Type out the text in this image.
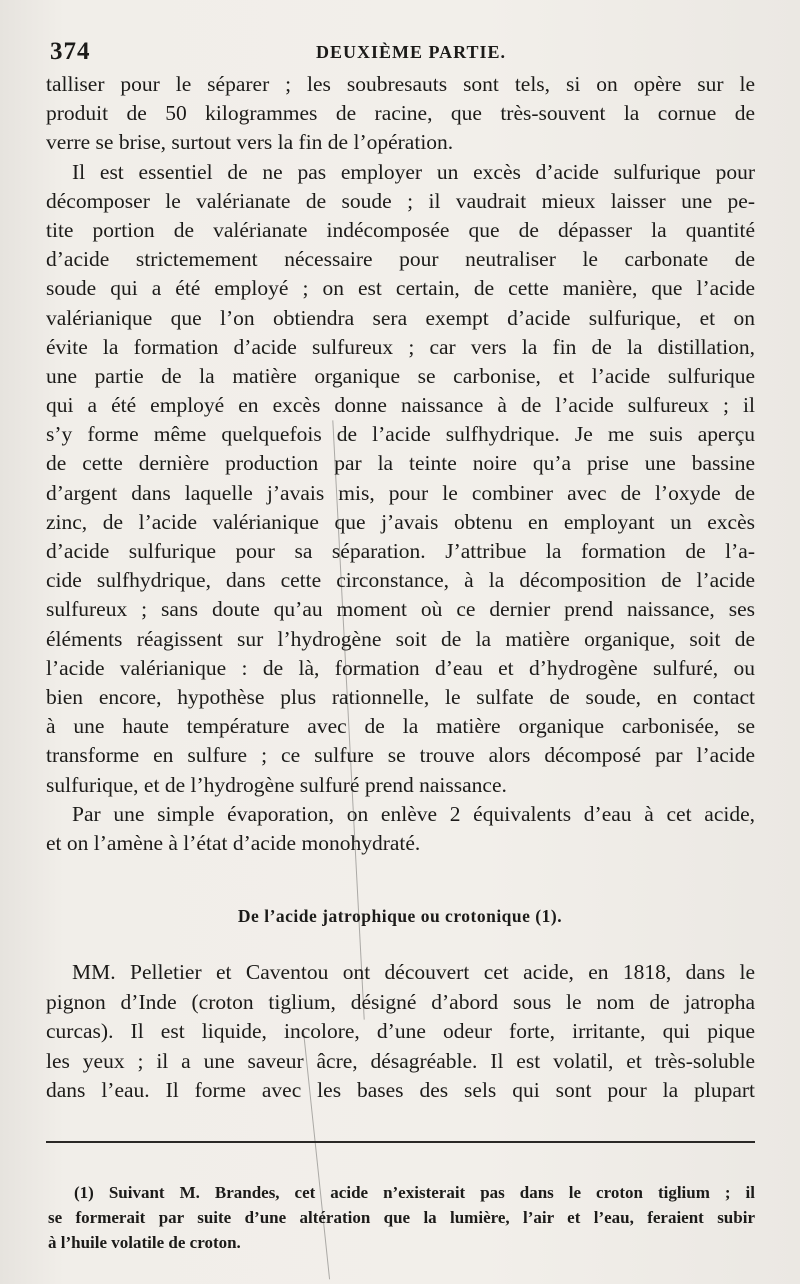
374	DEUXIÈME PARTIE.
talliser pour le séparer ; les soubresauts sont tels, si on opère sur le
produit de 50 kilogrammes de racine, que très-souvent la cornue de
verre se brise, surtout vers la fin de l’opération.
Il est essentiel de ne pas employer un excès d’acide sulfurique pour
décomposer le valérianate de soude ; il vaudrait mieux laisser une pe-
tite portion de valérianate indécomposée que de dépasser la quantité
d’acide strictemement nécessaire pour neutraliser le carbonate de
soude qui a été employé ; on est certain, de cette manière, que l’acide
valérianique que l’on obtiendra sera exempt d’acide sulfurique, et on
évite la formation d’acide sulfureux ; car vers la fin de la distillation,
une partie de la matière organique se carbonise, et l’acide sulfurique
qui a été employé en excès donne naissance à de l’acide sulfureux ; il
s’y forme même quelquefois de l’acide sulfhydrique. Je me suis aperçu
de cette dernière production par la teinte noire qu’a prise une bassine
d’argent dans laquelle j’avais mis, pour le combiner avec de l’oxyde de
zinc, de l’acide valérianique que j’avais obtenu en employant un excès
d’acide sulfurique pour sa séparation. J’attribue la formation de l’a-
cide sulfhydrique, dans cette circonstance, à la décomposition de l’acide
sulfureux ; sans doute qu’au moment où ce dernier prend naissance, ses
éléments réagissent sur l’hydrogène soit de la matière organique, soit de
l’acide valérianique : de là, formation d’eau et d’hydrogène sulfuré, ou
bien encore, hypothèse plus rationnelle, le sulfate de soude, en contact
à une haute température avec de la matière organique carbonisée, se
transforme en sulfure ; ce sulfure se trouve alors décomposé par l’acide
sulfurique, et de l’hydrogène sulfuré prend naissance.
Par une simple évaporation, on enlève 2 équivalents d’eau à cet acide,
et on l’amène à l’état d’acide monohydraté.
De l’acide jatrophique ou crotonique (1).
MM. Pelletier et Caventou ont découvert cet acide, en 1818, dans le
pignon d’Inde (croton tiglium, désigné d’abord sous le nom de jatropha
curcas). Il est liquide, incolore, d’une odeur forte, irritante, qui pique
les yeux ; il a une saveur âcre, désagréable. Il est volatil, et très-soluble
dans l’eau. Il forme avec les bases des sels qui sont pour la plupart
(1) Suivant M. Brandes, cet acide n’existerait pas dans le croton tiglium ; il
se formerait par suite d’une altération que la lumière, l’air et l’eau, feraient subir
à l’huile volatile de croton.
